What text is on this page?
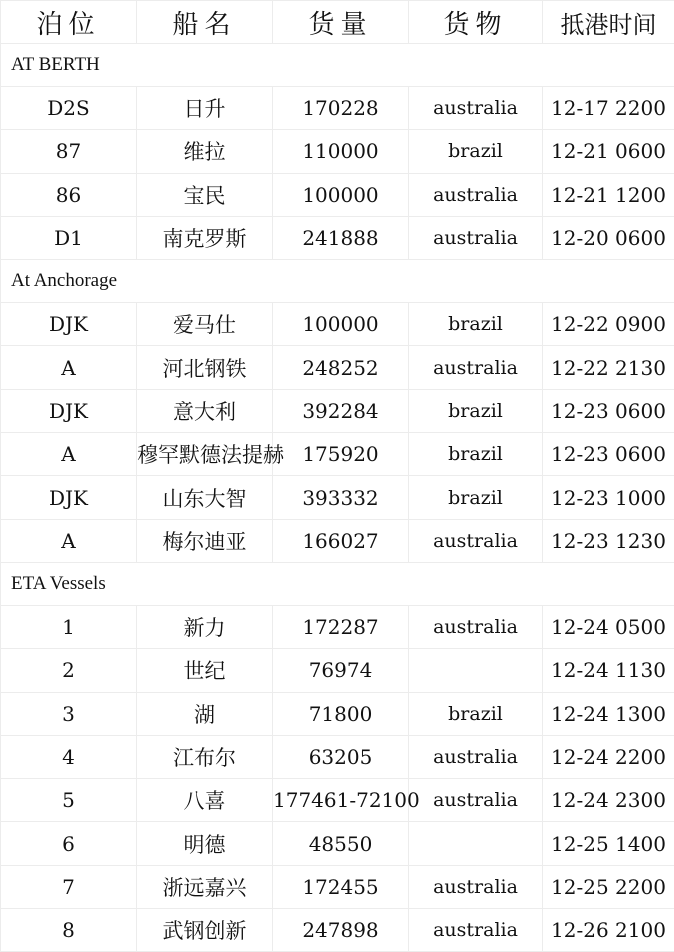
泊位	船名	货量	货物	抵港时间
AT BERTH				
D2S	日升	170228	australia	12-17 2200
87	维拉	110000	brazil	12-21 0600
86	宝民	100000	australia	12-21 1200
D1	南克罗斯	241888	australia	12-20 0600
At Anchorage				
DJK	爱马仕	100000	brazil	12-22 0900
A	河北钢铁	248252	australia	12-22 2130
DJK	意大利	392284	brazil	12-23 0600
A	穆罕默德法提赫	175920	brazil	12-23 0600
DJK	山东大智	393332	brazil	12-23 1000
A	梅尔迪亚	166027	australia	12-23 1230
ETA Vessels				
1	新力	172287	australia	12-24 0500
2	世纪	76974		12-24 1130
3	湖	71800	brazil	12-24 1300
4	江布尔	63205	australia	12-24 2200
5	八喜	177461-72100	australia	12-24 2300
6	明德	48550		12-25 1400
7	浙远嘉兴	172455	australia	12-25 2200
8	武钢创新	247898	australia	12-26 2100
